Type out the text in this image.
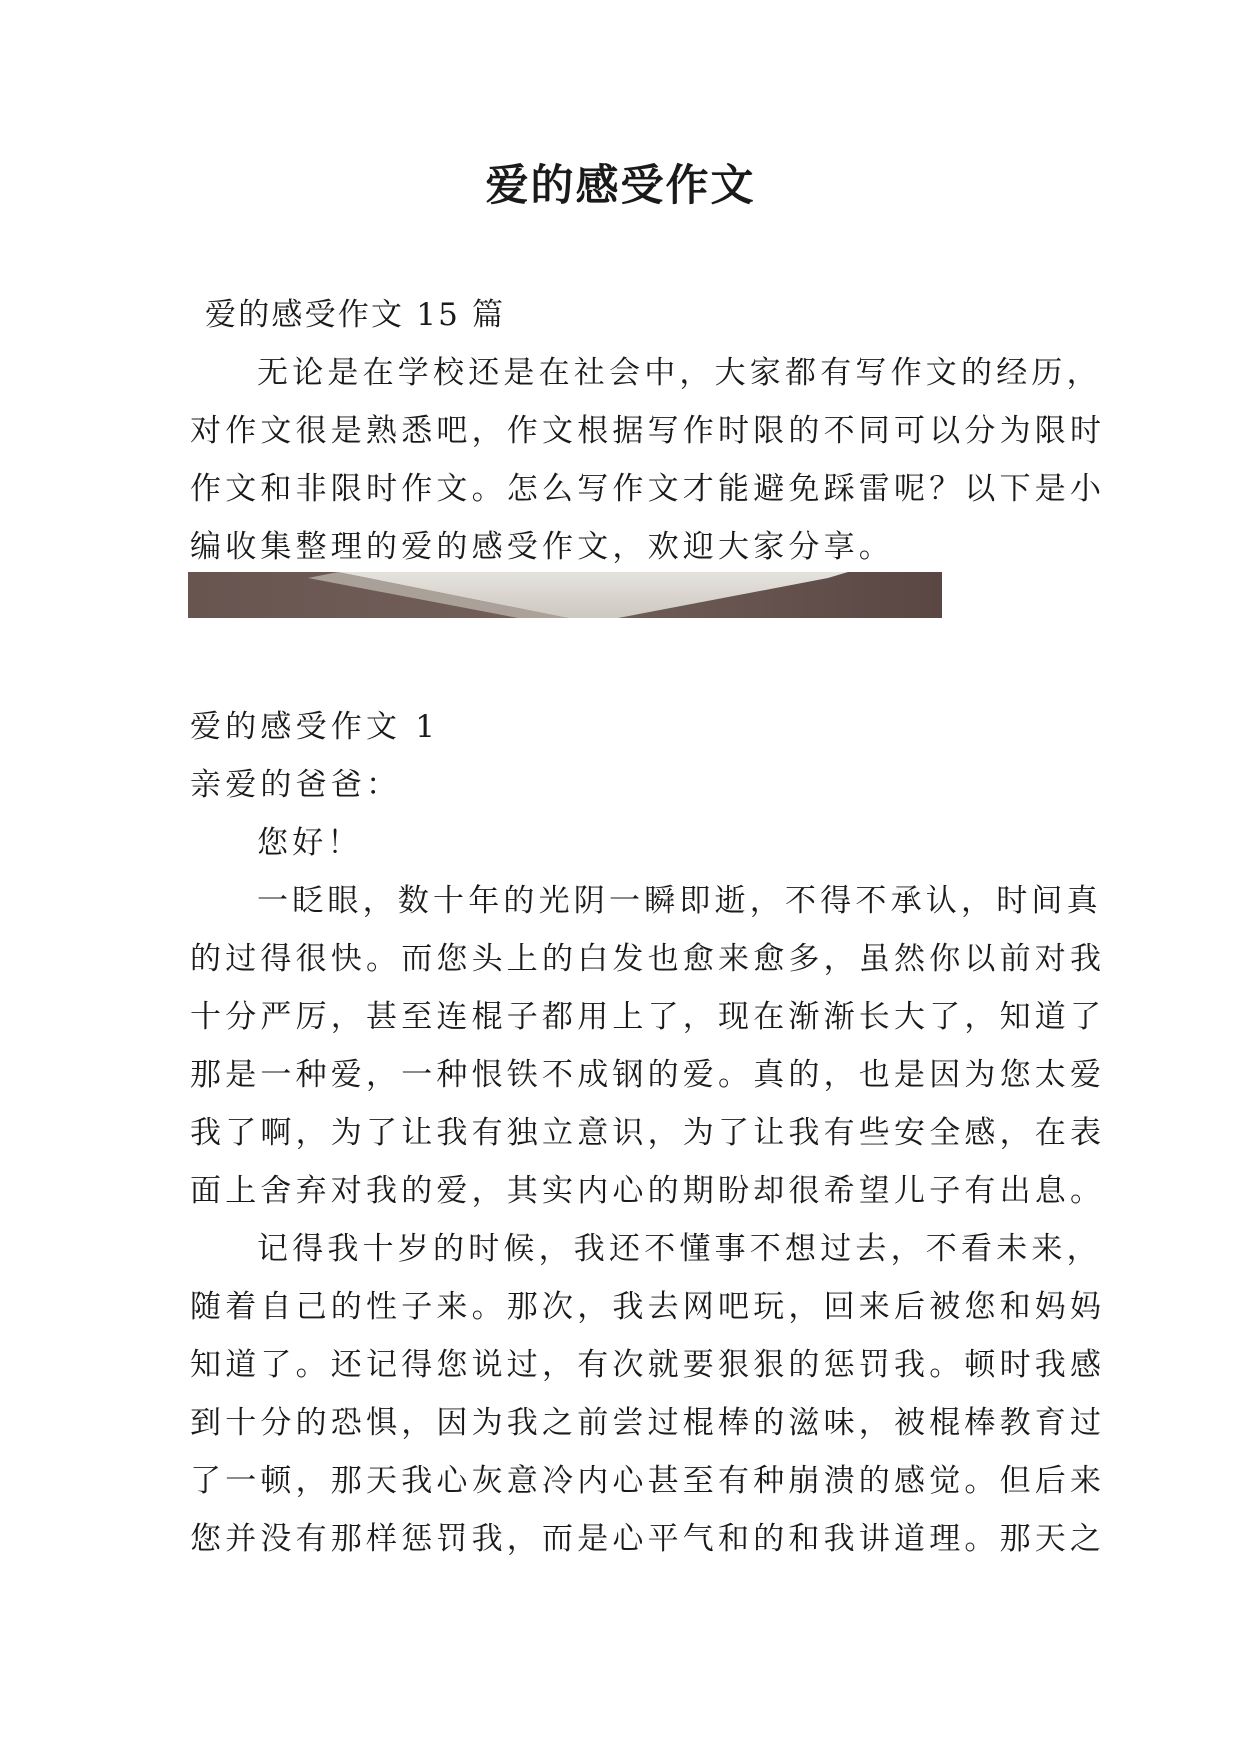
爱的感受作文

爱的感受作文 15 篇

无论是在学校还是在社会中，大家都有写作文的经历，

对作文很是熟悉吧，作文根据写作时限的不同可以分为限时

作文和非限时作文。怎么写作文才能避免踩雷呢？以下是小

编收集整理的爱的感受作文，欢迎大家分享。

爱的感受作文 1

亲爱的爸爸：

您好！

一眨眼，数十年的光阴一瞬即逝，不得不承认，时间真

的过得很快。而您头上的白发也愈来愈多，虽然你以前对我

十分严厉，甚至连棍子都用上了，现在渐渐长大了，知道了

那是一种爱，一种恨铁不成钢的爱。真的，也是因为您太爱

我了啊，为了让我有独立意识，为了让我有些安全感，在表

面上舍弃对我的爱，其实内心的期盼却很希望儿子有出息。

记得我十岁的时候，我还不懂事不想过去，不看未来，

随着自己的性子来。那次，我去网吧玩，回来后被您和妈妈

知道了。还记得您说过，有次就要狠狠的惩罚我。顿时我感

到十分的恐惧，因为我之前尝过棍棒的滋味，被棍棒教育过

了一顿，那天我心灰意冷内心甚至有种崩溃的感觉。但后来

您并没有那样惩罚我，而是心平气和的和我讲道理。那天之
